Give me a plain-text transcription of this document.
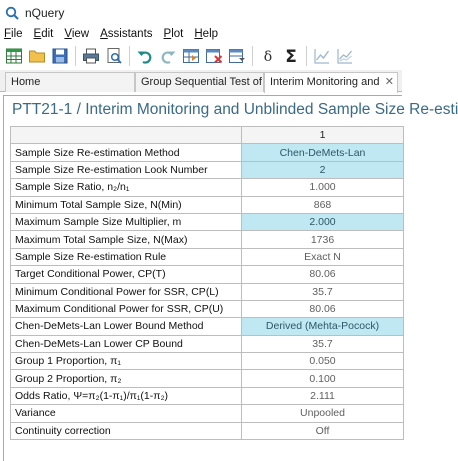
nQuery
File Edit View Assistants Plot Help
δ Σ
Home	Group Sequential Test of Interim Monitoring and ✕
PTT21-1 / Interim Monitoring and Unblinded Sample Size Re-esti
	1
Sample Size Re-estimation Method	Chen-DeMets-Lan
Sample Size Re-estimation Look Number	2
Sample Size Ratio, n₂/n₁	1.000
Minimum Total Sample Size, N(Min)	868
Maximum Sample Size Multiplier, m	2.000
Maximum Total Sample Size, N(Max)	1736
Sample Size Re-estimation Rule	Exact N
Target Conditional Power, CP(T)	80.06
Minimum Conditional Power for SSR, CP(L)	35.7
Maximum Conditional Power for SSR, CP(U)	80.06
Chen-DeMets-Lan Lower Bound Method	Derived (Mehta-Pocock)
Chen-DeMets-Lan Lower CP Bound	35.7
Group 1 Proportion, π₁	0.050
Group 2 Proportion, π₂	0.100
Odds Ratio, Ψ=π₂(1-π₁)/π₁(1-π₂)	2.111
Variance	Unpooled
Continuity correction	Off
